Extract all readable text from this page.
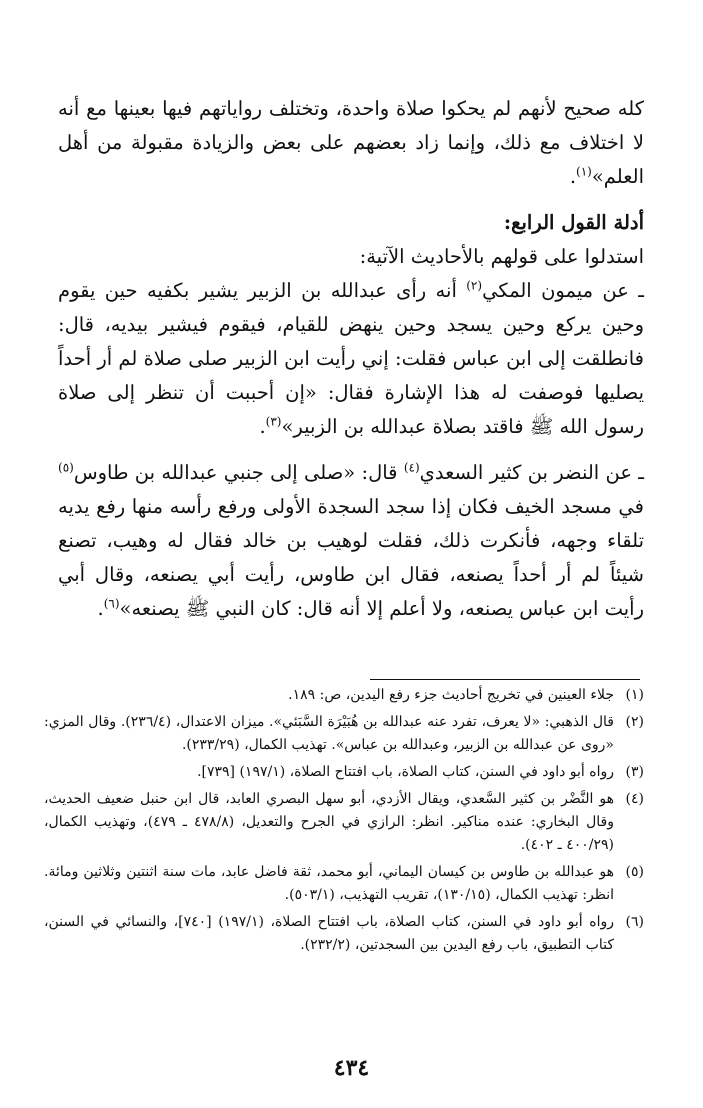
كله صحيح لأنهم لم يحكوا صلاة واحدة، وتختلف رواياتهم فيها بعينها مع أنه لا اختلاف مع ذلك، وإنما زاد بعضهم على بعض والزيادة مقبولة من أهل العلم»$^{(١)}$.

أدلة القول الرابع:

استدلوا على قولهم بالأحاديث الآتية:

ـ عن ميمون المكي$^{(٢)}$ أنه رأى عبدالله بن الزبير يشير بكفيه حين يقوم وحين يركع وحين يسجد وحين ينهض للقيام، فيقوم فيشير بيديه، قال: فانطلقت إلى ابن عباس فقلت: إني رأيت ابن الزبير صلى صلاة لم أر أحداً يصليها فوصفت له هذا الإشارة فقال: «إن أحببت أن تنظر إلى صلاة رسول الله ﷺ فاقتد بصلاة عبدالله بن الزبير»$^{(٣)}$.

ـ عن النضر بن كثير السعدي$^{(٤)}$ قال: «صلى إلى جنبي عبدالله بن طاوس$^{(٥)}$ في مسجد الخيف فكان إذا سجد السجدة الأولى ورفع رأسه منها رفع يديه تلقاء وجهه، فأنكرت ذلك، فقلت لوهيب بن خالد فقال له وهيب، تصنع شيئاً لم أر أحداً يصنعه، فقال ابن طاوس، رأيت أبي يصنعه، وقال أبي رأيت ابن عباس يصنعه، ولا أعلم إلا أنه قال: كان النبي ﷺ يصنعه»$^{(٦)}$.

(١)
جلاء العينين في تخريج أحاديث جزء رفع اليدين، ص: ١٨٩.
(٢)
قال الذهبي: «لا يعرف، تفرد عنه عبدالله بن هُبَيْرَة السَّبَئي». ميزان الاعتدال، (٢٣٦/٤). وقال المزي: «روى عن عبدالله بن الزبير، وعبدالله بن عباس». تهذيب الكمال، (٢٣٣/٢٩).
(٣)
رواه أبو داود في السنن، كتاب الصلاة، باب افتتاح الصلاة، (١٩٧/١) [٧٣٩].
(٤)
هو النَّضْر بن كثير السَّعدي، ويقال الأزدي، أبو سهل البصري العابد، قال ابن حنبل ضعيف الحديث، وقال البخاري: عنده مناكير. انظر: الرازي في الجرح والتعديل، (٤٧٨/٨ ـ ٤٧٩)، وتهذيب الكمال، (٤٠٠/٢٩ ـ ٤٠٢).
(٥)
هو عبدالله بن طاوس بن كيسان اليماني، أبو محمد، ثقة فاضل عابد، مات سنة اثنتين وثلاثين ومائة. انظر: تهذيب الكمال، (١٣٠/١٥)، تقريب التهذيب، (٥٠٣/١).
(٦)
رواه أبو داود في السنن، كتاب الصلاة، باب افتتاح الصلاة، (١٩٧/١) [٧٤٠]، والنسائي في السنن، كتاب التطبيق، باب رفع اليدين بين السجدتين، (٢٣٢/٢).
٤٣٤
